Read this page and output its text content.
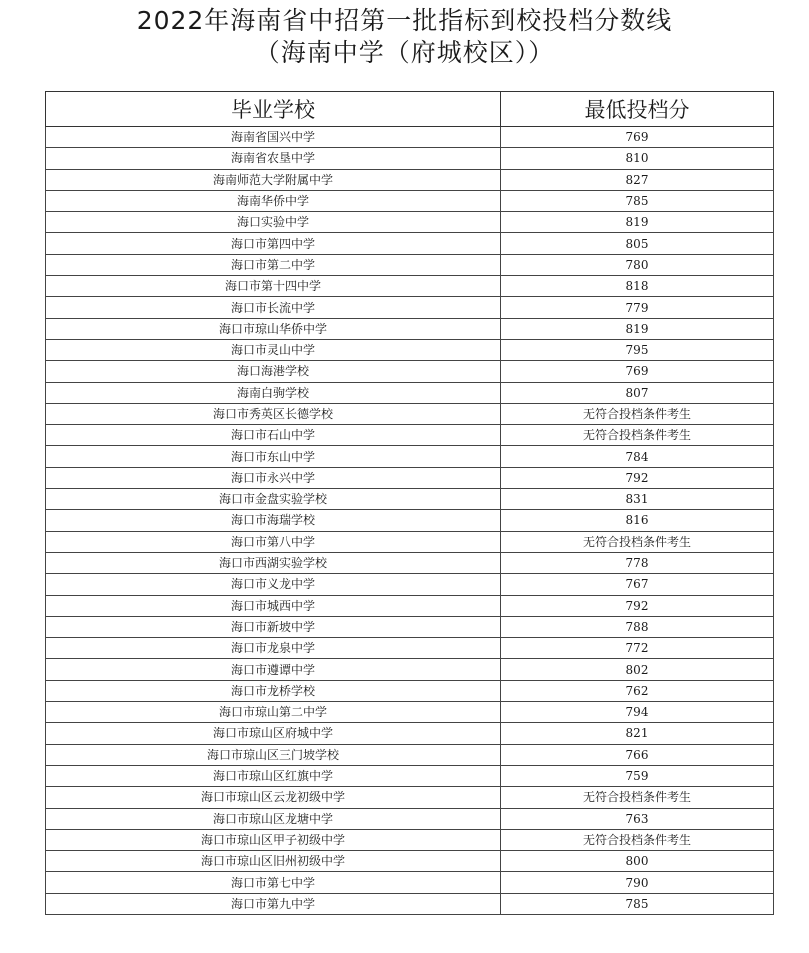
2022年海南省中招第一批指标到校投档分数线
（海南中学（府城校区））
毕业学校	最低投档分
海南省国兴中学	769
海南省农垦中学	810
海南师范大学附属中学	827
海南华侨中学	785
海口实验中学	819
海口市第四中学	805
海口市第二中学	780
海口市第十四中学	818
海口市长流中学	779
海口市琼山华侨中学	819
海口市灵山中学	795
海口海港学校	769
海南白驹学校	807
海口市秀英区长德学校	无符合投档条件考生
海口市石山中学	无符合投档条件考生
海口市东山中学	784
海口市永兴中学	792
海口市金盘实验学校	831
海口市海瑞学校	816
海口市第八中学	无符合投档条件考生
海口市西湖实验学校	778
海口市义龙中学	767
海口市城西中学	792
海口市新坡中学	788
海口市龙泉中学	772
海口市遵谭中学	802
海口市龙桥学校	762
海口市琼山第二中学	794
海口市琼山区府城中学	821
海口市琼山区三门坡学校	766
海口市琼山区红旗中学	759
海口市琼山区云龙初级中学	无符合投档条件考生
海口市琼山区龙塘中学	763
海口市琼山区甲子初级中学	无符合投档条件考生
海口市琼山区旧州初级中学	800
海口市第七中学	790
海口市第九中学	785
